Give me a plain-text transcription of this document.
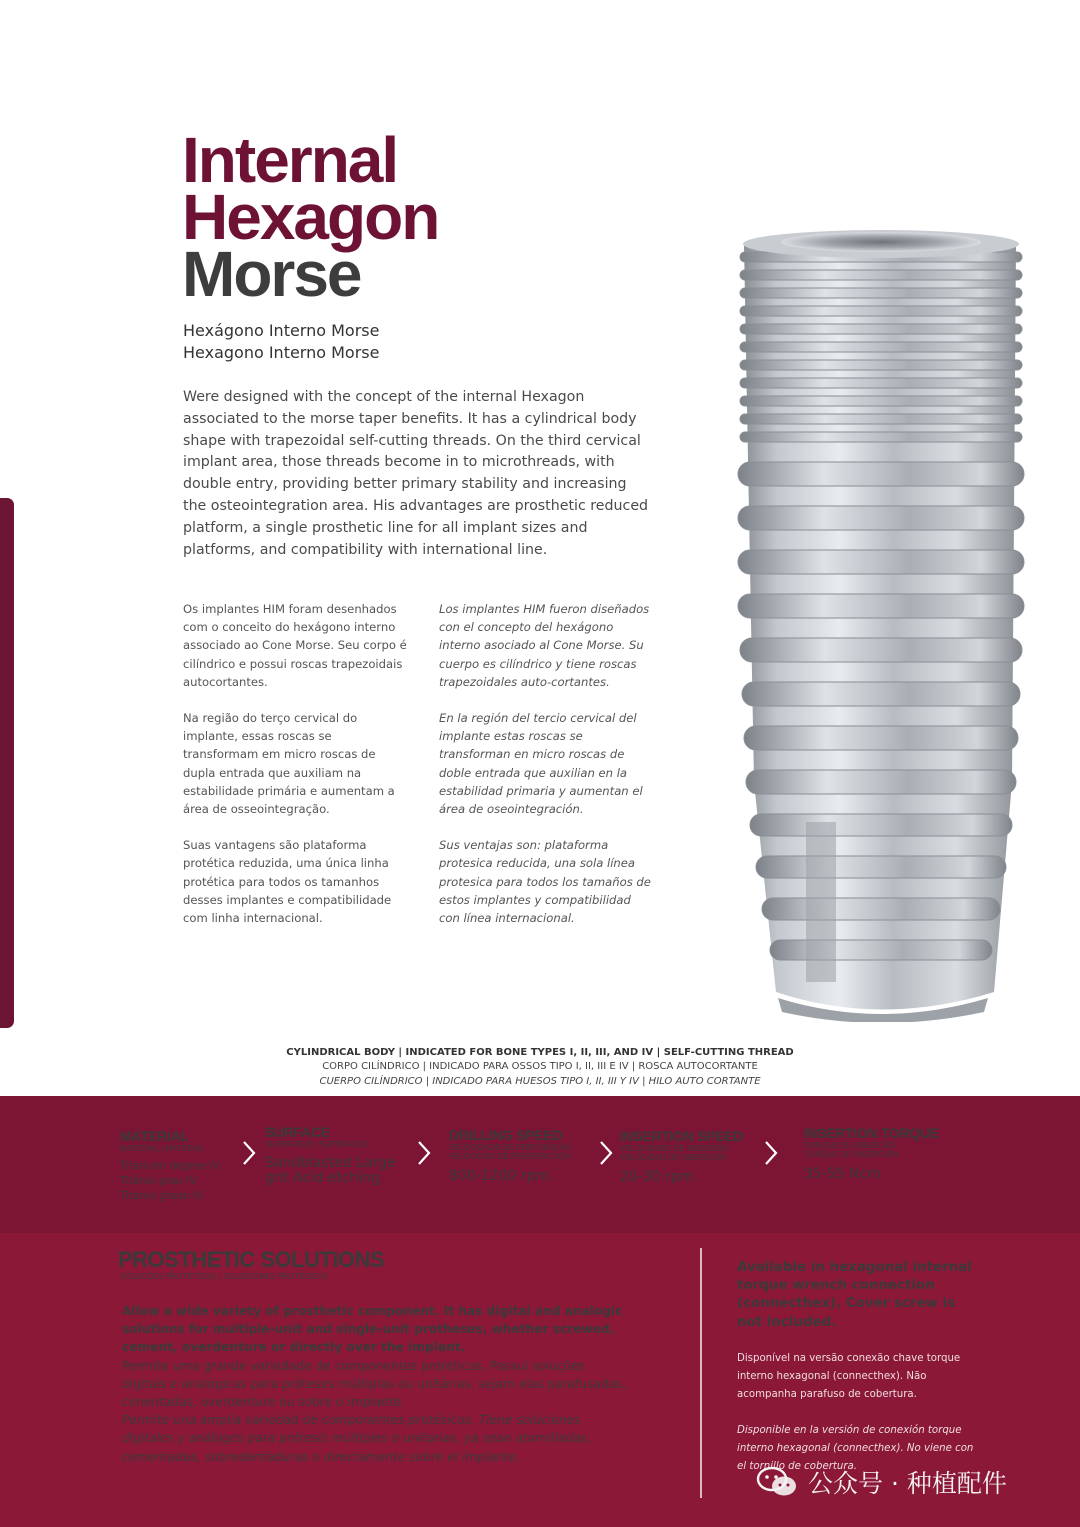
Internal
Hexagon
Morse
Hexágono Interno Morse
Hexagono Interno Morse

Were designed with the concept of the internal Hexagon associated to the morse taper benefits. It has a cylindrical body shape with trapezoidal self-cutting threads. On the third cervical implant area, those threads become in to microthreads, with double entry, providing better primary stability and increasing the osteointegration area. His advantages are prosthetic reduced platform, a single prosthetic line for all implant sizes and platforms, and compatibility with international line.

Os implantes HIM foram desenhados com o conceito do hexágono interno associado ao Cone Morse. Seu corpo é cilíndrico e possui roscas trapezoidais autocortantes.

Na região do terço cervical do implante, essas roscas se transformam em micro roscas de dupla entrada que auxiliam na estabilidade primária e aumentam a área de osseointegração.

Suas vantagens são plataforma protética reduzida, uma única linha protética para todos os tamanhos desses implantes e compatibilidade com linha internacional.

Los implantes HIM fueron diseñados con el concepto del hexágono interno asociado al Cone Morse. Su cuerpo es cilíndrico y tiene roscas trapezoidales auto-cortantes.

En la región del tercio cervical del implante estas roscas se transforman en micro roscas de doble entrada que auxilian en la estabilidad primaria y aumentan el área de oseointegración.

Sus ventajas son: plataforma protesica reducida, una sola línea protesica para todos los tamaños de estos implantes y compatibilidad con línea internacional.

CYLINDRICAL BODY | INDICATED FOR BONE TYPES I, II, III, AND IV | SELF-CUTTING THREAD
CORPO CILÍNDRICO | INDICADO PARA OSSOS TIPO I, II, III E IV | ROSCA AUTOCORTANTE
CUERPO CILÍNDRICO | INDICADO PARA HUESOS TIPO I, II, III Y IV | HILO AUTO CORTANTE
MATERIAL
MATERIAL | MATERIAL
Titanium degree IV
Titânio grau IV
Titanio grado IV
SURFACE
SUPERFÍCIE | SUPERFICIE
Sandblasted Large
grit Acid etching
DRILLING SPEED
VELOCIDADE DE PERFURAÇÃO
VELOCIDAD DE PERFORACIÓN
800-1200 rpm.
INSERTION SPEED
VELOCIDADE DE INSERÇÃO
VELOCIDAD DE INSERCIÓN
20-30 rpm.
INSERTION TORQUE
TORQUE DE INSERÇÃO
TORQUE DE INSERCIÓN
35-55 Ncm
PROSTHETIC SOLUTIONS
SOLUÇÕES PROTÉTICAS | SOLUCIONES PROTÉSICAS

Allow a wide variety of prosthetic component. It has digital and analogic solutions for multiple-unit and single-unit protheses, whether screwed, cement, overdenture or directly over the implant.

Permite uma grande variedade de componentes protéticos. Possui soluções digitais e analógicas para próteses múltiplas ou unitárias, sejam elas parafusadas, cimentadas, overdenture ou sobre o implante.

Permite una amplia variedad de componentes protésicos. Tiene soluciones digitales y análogos para prótesis múltiples o unitarias, ya sean atornilladas, cementadas, sobredentaduras o directamente sobre el implante.

Available in hexagonal internal torque wrench connection (connecthex). Cover screw is not included.

Disponível na versão conexão chave torque interno hexagonal (connecthex). Não acompanha parafuso de cobertura.

Disponible en la versión de conexión torque interno hexagonal (connecthex). No viene con el tornillo de cobertura.

公众号 · 种植配件
